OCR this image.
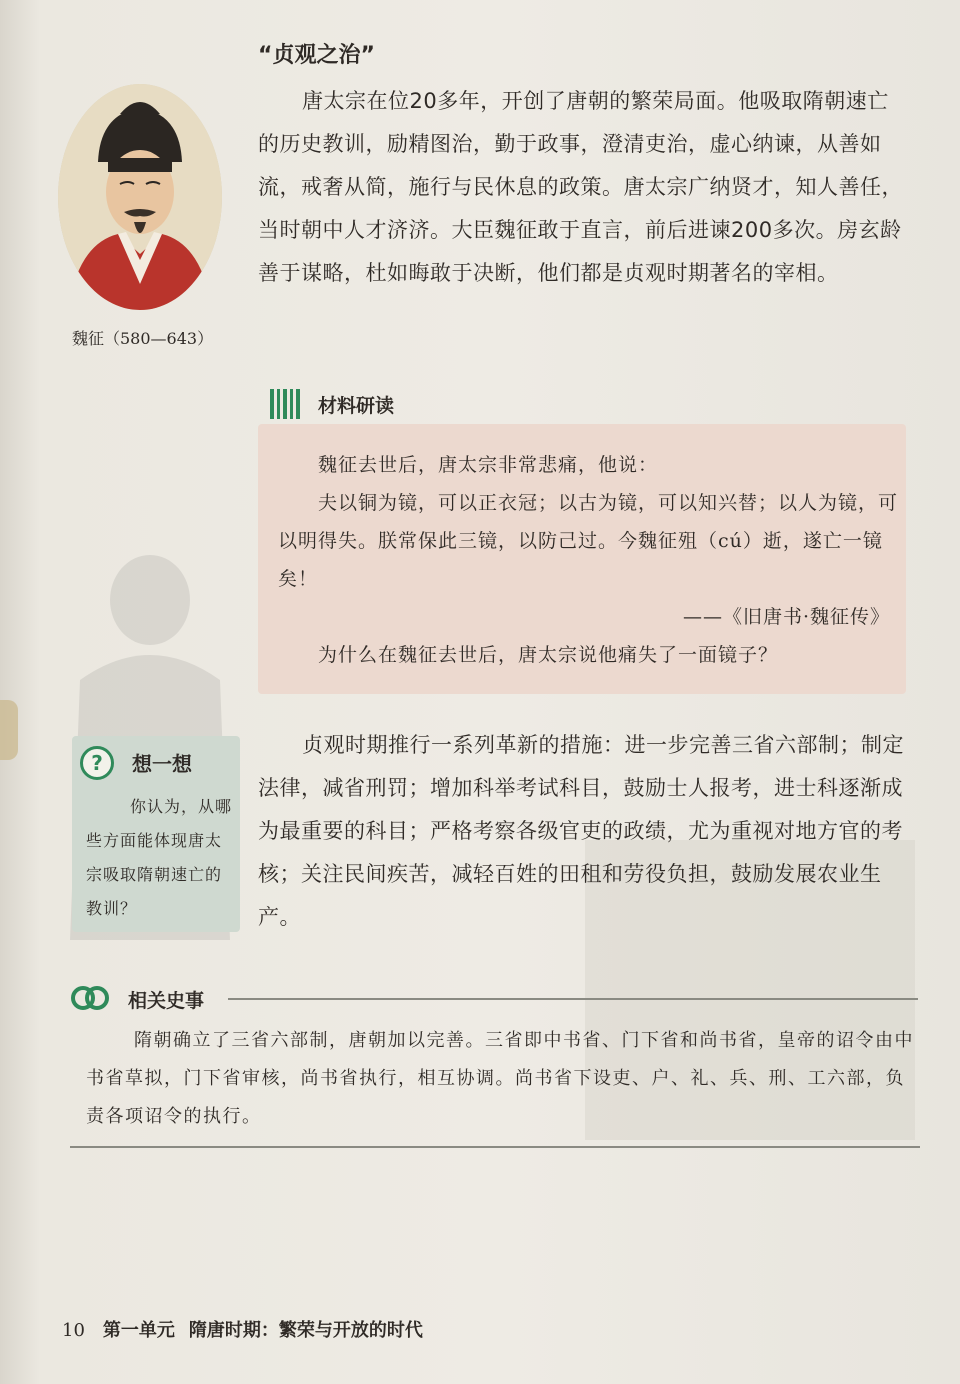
魏征（580—643）
“贞观之治”
唐太宗在位20多年，开创了唐朝的繁荣局面。他吸取隋朝速亡的历史教训，励精图治，勤于政事，澄清吏治，虚心纳谏，从善如流，戒奢从简，施行与民休息的政策。唐太宗广纳贤才，知人善任，当时朝中人才济济。大臣魏征敢于直言，前后进谏200多次。房玄龄善于谋略，杜如晦敢于决断，他们都是贞观时期著名的宰相。
材料研读
魏征去世后，唐太宗非常悲痛，他说：
夫以铜为镜，可以正衣冠；以古为镜，可以知兴替；以人为镜，可以明得失。朕常保此三镜，以防己过。今魏征殂（cú）逝，遂亡一镜矣！
——《旧唐书·魏征传》
为什么在魏征去世后，唐太宗说他痛失了一面镜子？
?	想一想
你认为，从哪些方面能体现唐太宗吸取隋朝速亡的教训？
贞观时期推行一系列革新的措施：进一步完善三省六部制；制定法律，减省刑罚；增加科举考试科目，鼓励士人报考，进士科逐渐成为最重要的科目；严格考察各级官吏的政绩，尤为重视对地方官的考核；关注民间疾苦，减轻百姓的田租和劳役负担，鼓励发展农业生产。
相关史事
隋朝确立了三省六部制，唐朝加以完善。三省即中书省、门下省和尚书省，皇帝的诏令由中书省草拟，门下省审核，尚书省执行，相互协调。尚书省下设吏、户、礼、兵、刑、工六部，负责各项诏令的执行。
10 第一单元 隋唐时期：繁荣与开放的时代
